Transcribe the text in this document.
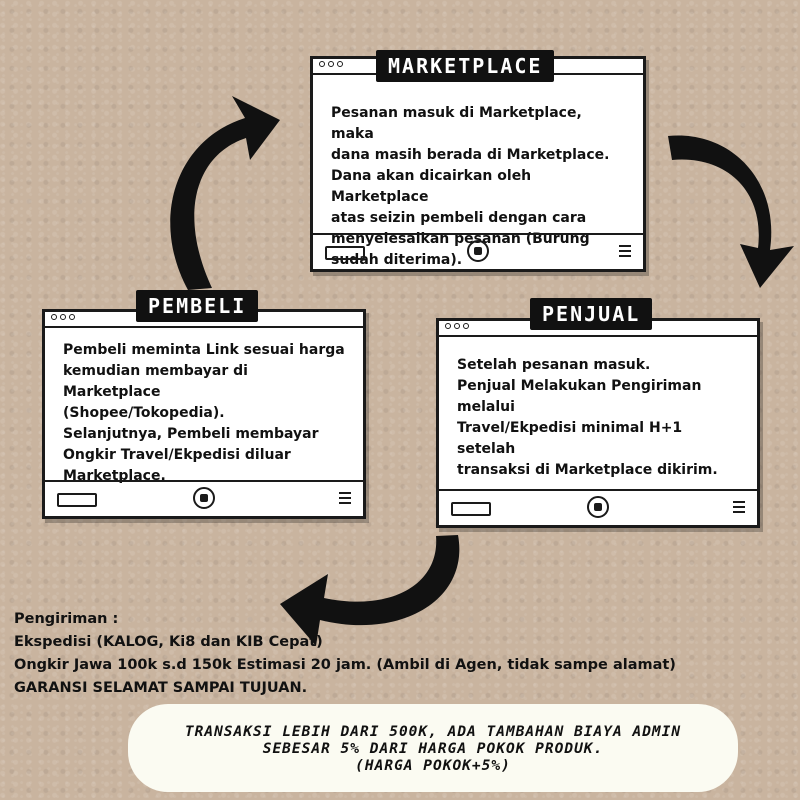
Pesanan masuk di Marketplace, maka
dana masih berada di Marketplace.
Dana akan dicairkan oleh Marketplace
atas seizin pembeli dengan cara
menyelesaikan pesanan (Burung
sudah diterima).
MARKETPLACE
Pembeli meminta Link sesuai harga
kemudian membayar di Marketplace
(Shopee/Tokopedia).
Selanjutnya, Pembeli membayar
Ongkir Travel/Ekpedisi diluar
Marketplace.
PEMBELI
Setelah pesanan masuk.
Penjual Melakukan Pengiriman melalui
Travel/Ekpedisi minimal H+1 setelah
transaksi di Marketplace dikirim.
PENJUAL
Pengiriman :
Ekspedisi (KALOG, Ki8 dan KIB Cepat)
Ongkir Jawa 100k s.d 150k Estimasi 20 jam. (Ambil di Agen, tidak sampe alamat)
GARANSI SELAMAT SAMPAI TUJUAN.
TRANSAKSI LEBIH DARI 500K, ADA TAMBAHAN BIAYA ADMIN
SEBESAR 5% DARI HARGA POKOK PRODUK.
(HARGA POKOK+5%)
